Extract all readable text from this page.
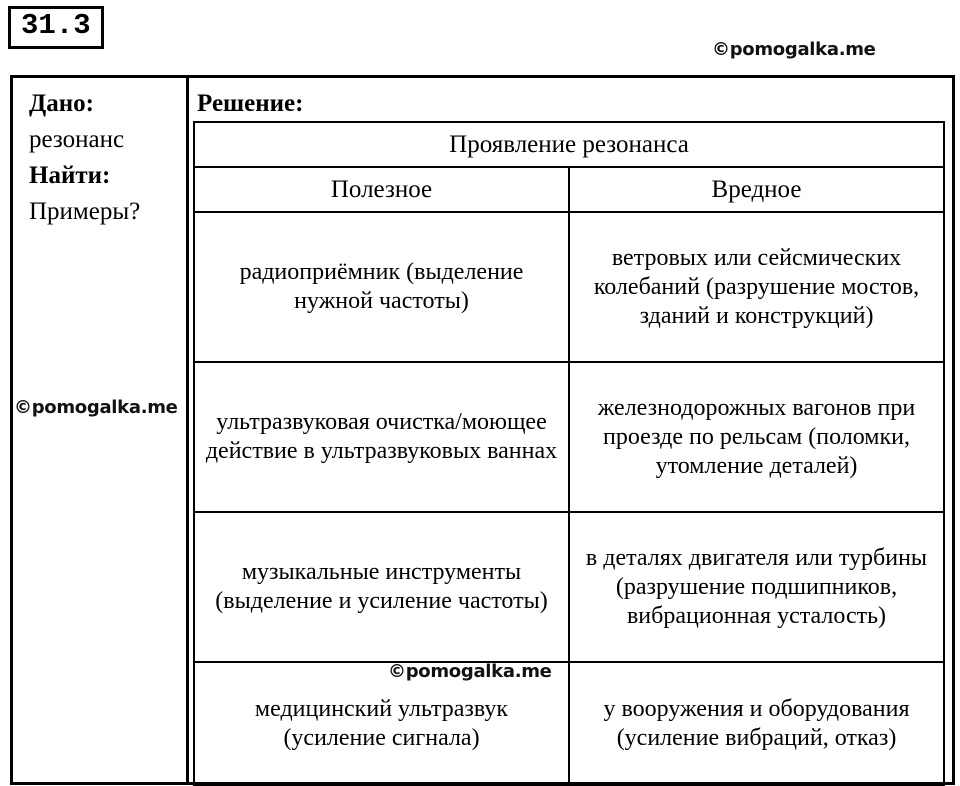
31.3
©pomogalka.me
©pomogalka.me
©pomogalka.me
Дано:
резонанс
Найти:
Примеры?
Решение:
Проявление резонанса	
Полезное	Вредное
радиоприёмник (выделение нужной частоты)	ветровых или сейсмических колебаний (разрушение мостов, зданий и конструкций)
ультразвуковая очистка/моющее действие в ультразвуковых ваннах	железнодорожных вагонов при проезде по рельсам (поломки, утомление деталей)
музыкальные инструменты (выделение и усиление частоты)	в деталях двигателя или турбины (разрушение подшипников, вибрационная усталость)
медицинский ультразвук (усиление сигнала)	у вооружения и оборудования (усиление вибраций, отказ)
